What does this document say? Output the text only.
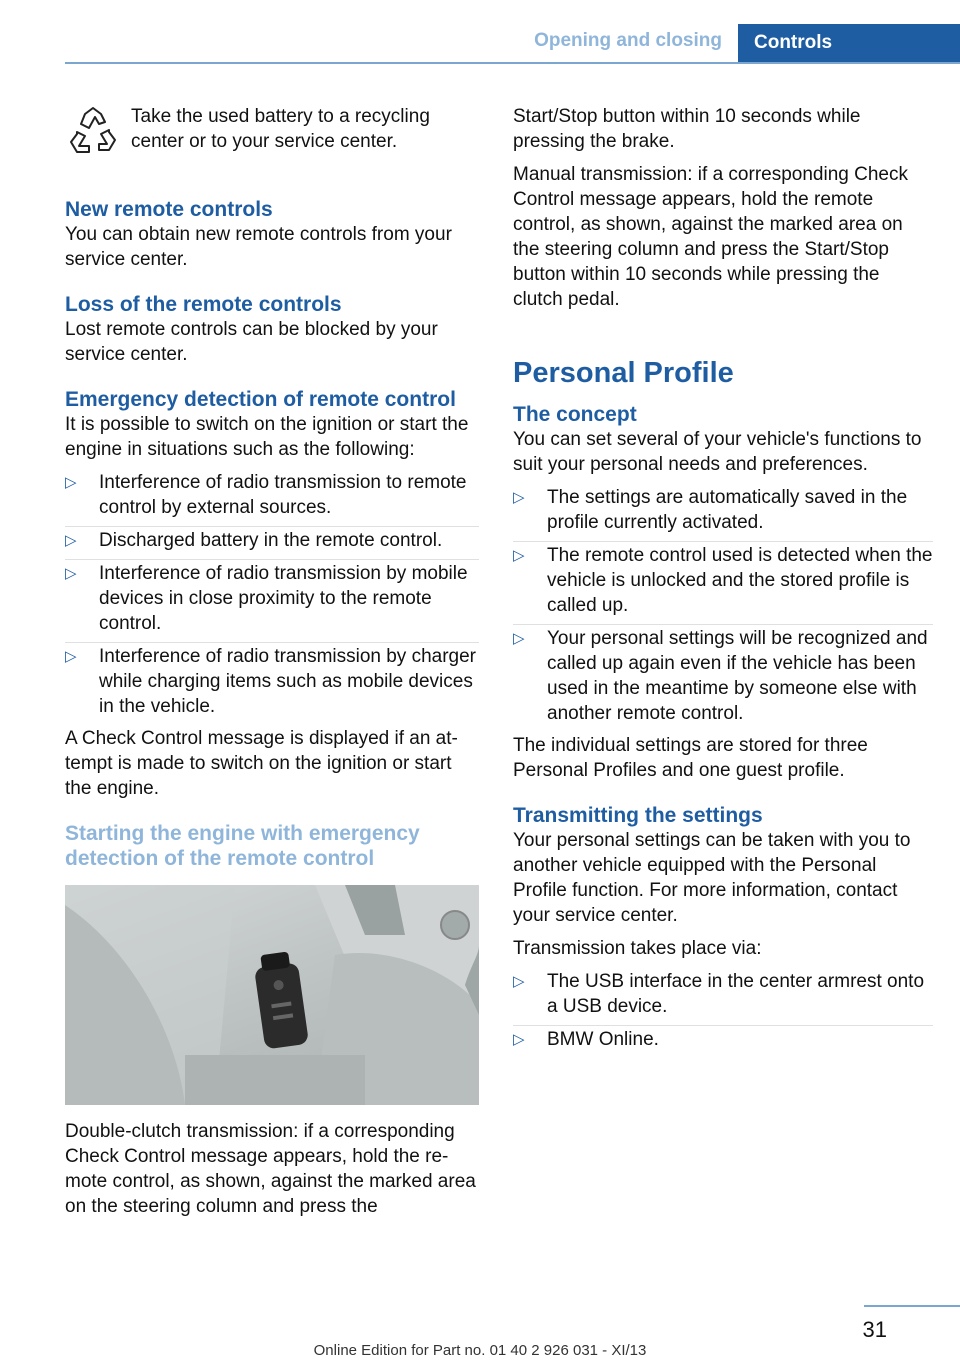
Opening and closing	Controls

Take the used battery to a recycling center or to your service center.

New remote controls

You can obtain new remote controls from your service center.

Loss of the remote controls

Lost remote controls can be blocked by your service center.

Emergency detection of remote control

It is possible to switch on the ignition or start the engine in situations such as the following:

▷ Interference of radio transmission to remote control by external sources.
▷ Discharged battery in the remote control.
▷ Interference of radio transmission by mobile devices in close proximity to the remote control.
▷ Interference of radio transmission by charger while charging items such as mobile devices in the vehicle.

A Check Control message is displayed if an attempt is made to switch on the ignition or start the engine.

Starting the engine with emergency detection of the remote control

Double-clutch transmission: if a corresponding Check Control message appears, hold the remote control, as shown, against the marked area on the steering column and press the

Start/Stop button within 10 seconds while pressing the brake.

Manual transmission: if a corresponding Check Control message appears, hold the remote control, as shown, against the marked area on the steering column and press the Start/Stop button within 10 seconds while pressing the clutch pedal.

Personal Profile
The concept

You can set several of your vehicle's functions to suit your personal needs and preferences.

▷ The settings are automatically saved in the profile currently activated.
▷ The remote control used is detected when the vehicle is unlocked and the stored profile is called up.
▷ Your personal settings will be recognized and called up again even if the vehicle has been used in the meantime by someone else with another remote control.

The individual settings are stored for three Personal Profiles and one guest profile.

Transmitting the settings

Your personal settings can be taken with you to another vehicle equipped with the Personal Profile function. For more information, contact your service center.

Transmission takes place via:

▷ The USB interface in the center armrest onto a USB device.
▷ BMW Online.
31
Online Edition for Part no. 01 40 2 926 031 - XI/13
